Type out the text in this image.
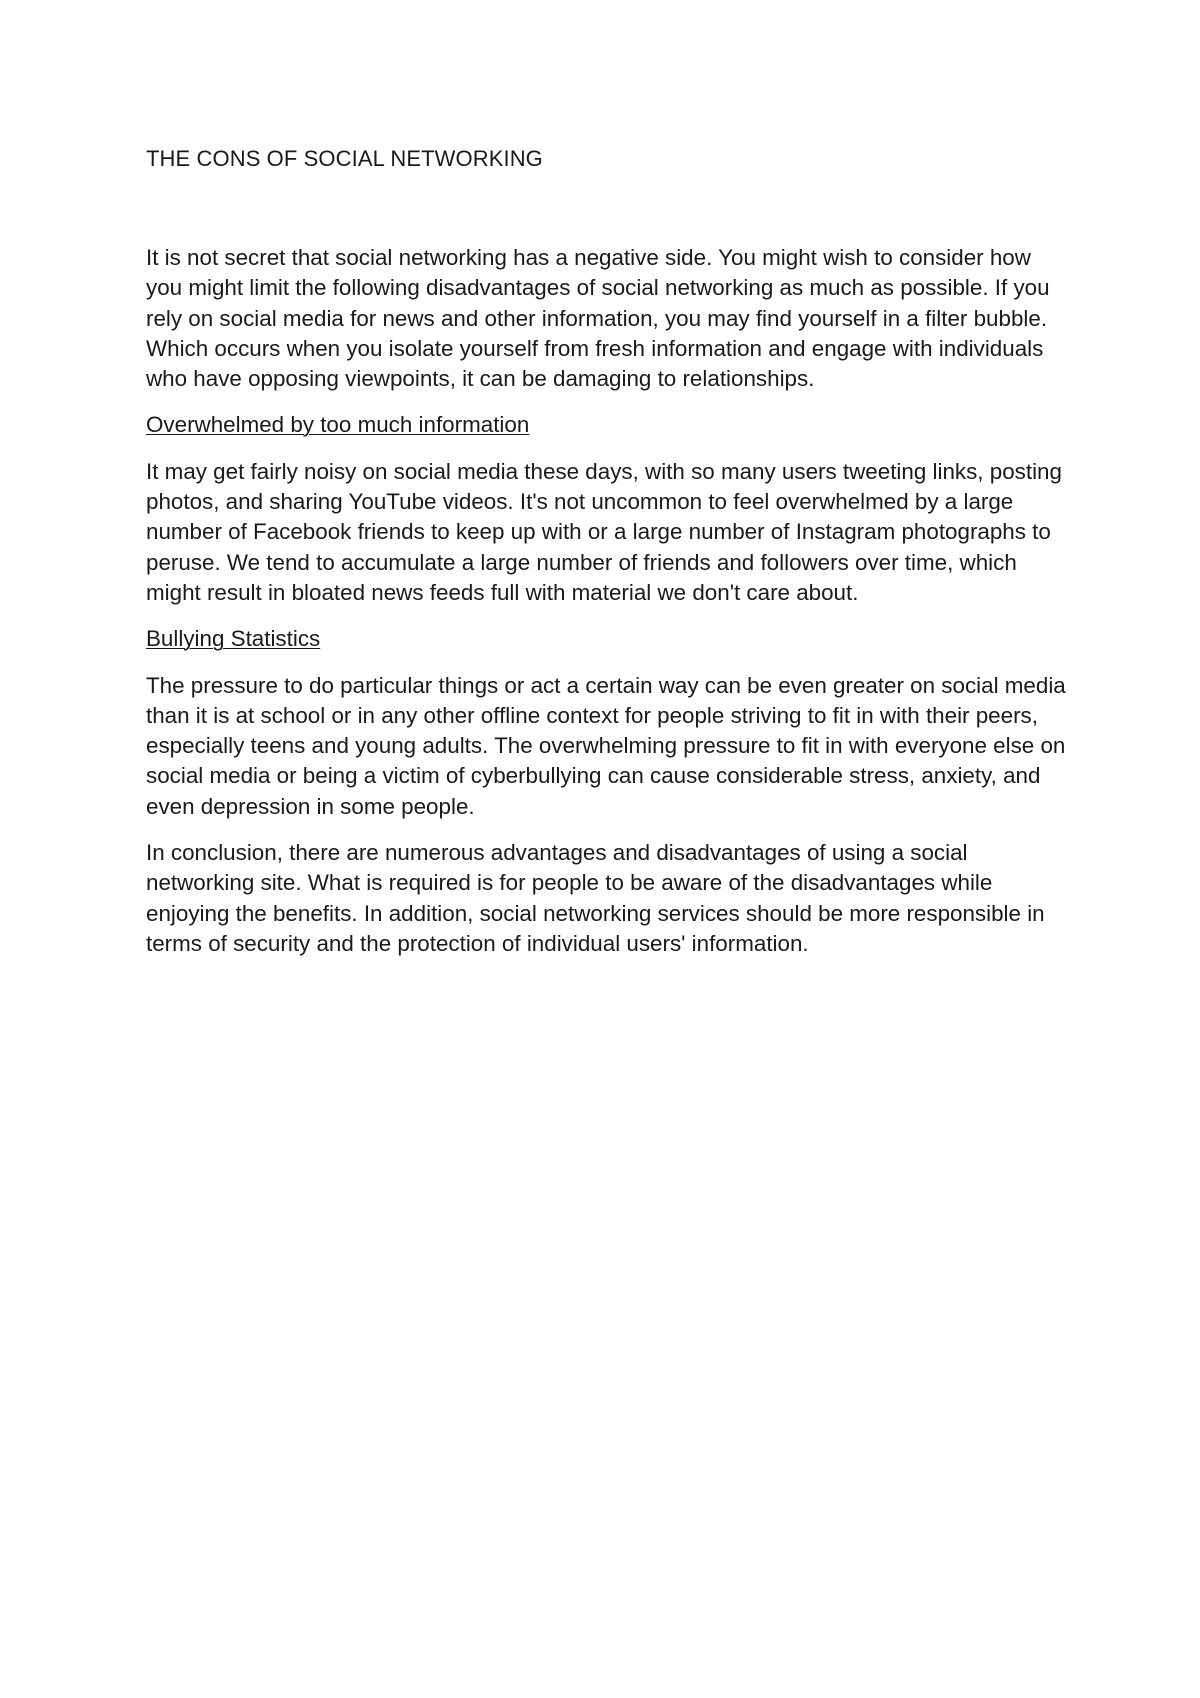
THE CONS OF SOCIAL NETWORKING

It is not secret that social networking has a negative side. You might wish to consider how you might limit the following disadvantages of social networking as much as possible. If you rely on social media for news and other information, you may find yourself in a filter bubble. Which occurs when you isolate yourself from fresh information and engage with individuals who have opposing viewpoints, it can be damaging to relationships.

Overwhelmed by too much information

It may get fairly noisy on social media these days, with so many users tweeting links, posting photos, and sharing YouTube videos. It's not uncommon to feel overwhelmed by a large number of Facebook friends to keep up with or a large number of Instagram photographs to peruse. We tend to accumulate a large number of friends and followers over time, which might result in bloated news feeds full with material we don't care about.

Bullying Statistics

The pressure to do particular things or act a certain way can be even greater on social media than it is at school or in any other offline context for people striving to fit in with their peers, especially teens and young adults. The overwhelming pressure to fit in with everyone else on social media or being a victim of cyberbullying can cause considerable stress, anxiety, and even depression in some people.

In conclusion, there are numerous advantages and disadvantages of using a social networking site. What is required is for people to be aware of the disadvantages while enjoying the benefits. In addition, social networking services should be more responsible in terms of security and the protection of individual users' information.
